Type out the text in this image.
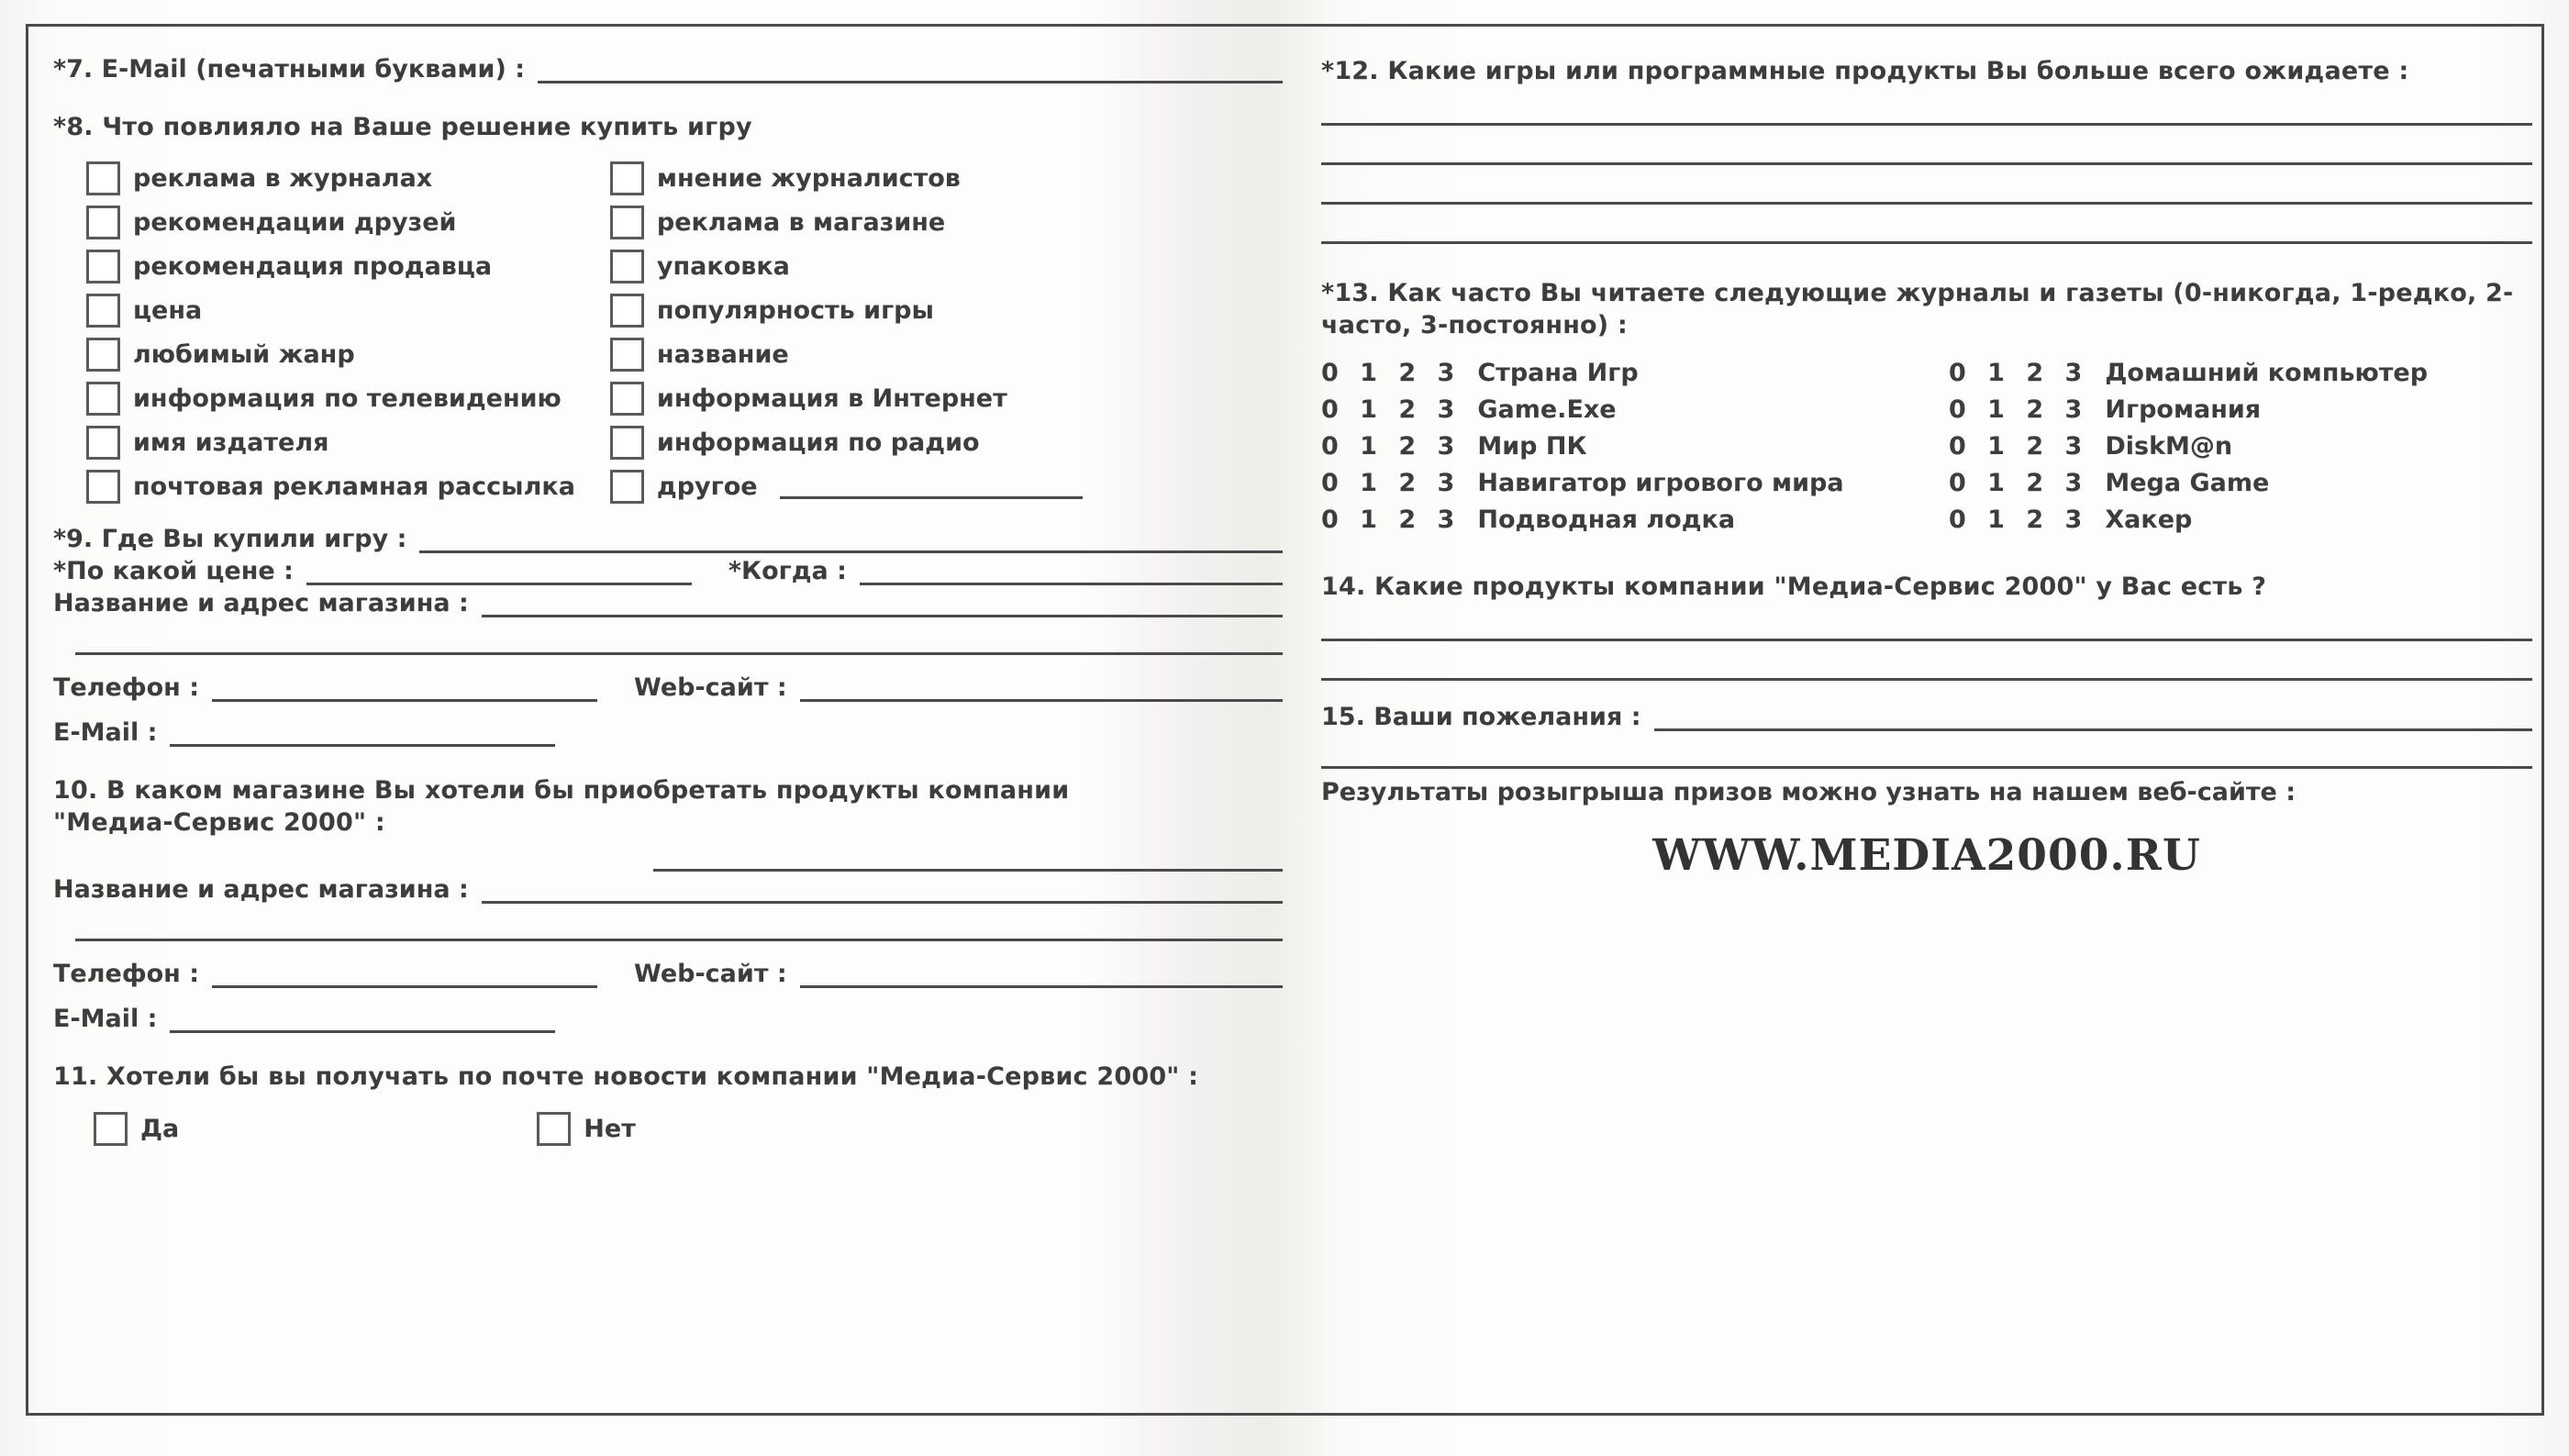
*7. E-Mail (печатными буквами) :
*8. Что повлияло на Ваше решение купить игру
реклама в журналах
рекомендации друзей
рекомендация продавца
цена
любимый жанр
информация по телевидению
имя издателя
почтовая рекламная рассылка
мнение журналистов
реклама в магазине
упаковка
популярность игры
название
информация в Интернет
информация по радио
другое
*9. Где Вы купили игру :
*По какой цене :	*Когда :
Название и адрес магазина :
Телефон :	Web-сайт :
E-Mail :
10. В каком магазине Вы хотели бы приобретать продукты компании "Медиа-Сервис 2000" :
Название и адрес магазина :
Телефон :	Web-сайт :
E-Mail :
11. Хотели бы вы получать по почте новости компании "Медиа-Сервис 2000" :
Да	Нет
*12. Какие игры или программные продукты Вы больше всего ожидаете :
*13. Как часто Вы читаете следующие журналы и газеты (0-никогда, 1-редко, 2-часто, 3-постоянно) :
0 1 2 3 Страна Игр
0 1 2 3 Game.Exe
0 1 2 3 Мир ПК
0 1 2 3 Навигатор игрового мира
0 1 2 3 Подводная лодка
0 1 2 3 Домашний компьютер
0 1 2 3 Игромания
0 1 2 3 DiskM@n
0 1 2 3 Mega Game
0 1 2 3 Хакер
14. Какие продукты компании "Медиа-Сервис 2000" у Вас есть ?
15. Ваши пожелания :
Результаты розыгрыша призов можно узнать на нашем веб-сайте :
WWW.MEDIA2000.RU
